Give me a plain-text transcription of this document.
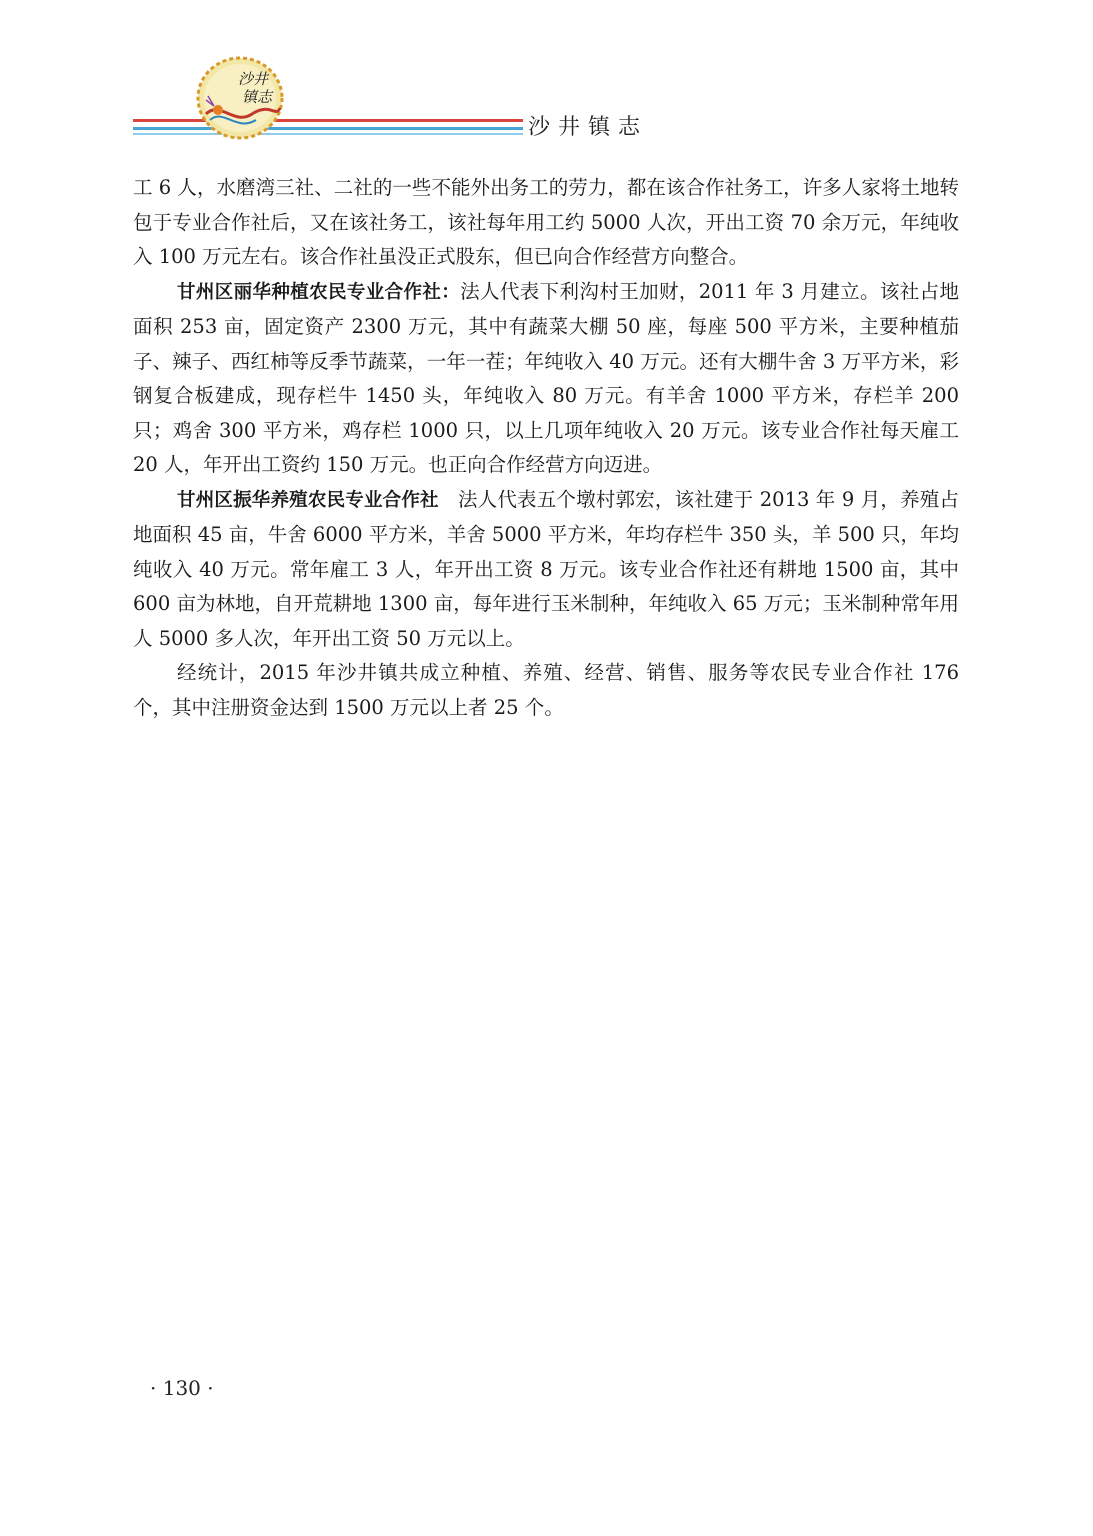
沙井
镇志
沙井镇志

工 6 人，水磨湾三社、二社的一些不能外出务工的劳力，都在该合作社务工，许多人家将土地转包于专业合作社后，又在该社务工，该社每年用工约 5000 人次，开出工资 70 余万元，年纯收入 100 万元左右。该合作社虽没正式股东，但已向合作经营方向整合。

甘州区丽华种植农民专业合作社：法人代表下利沟村王加财，2011 年 3 月建立。该社占地面积 253 亩，固定资产 2300 万元，其中有蔬菜大棚 50 座，每座 500 平方米，主要种植茄子、辣子、西红柿等反季节蔬菜，一年一茬；年纯收入 40 万元。还有大棚牛舍 3 万平方米，彩钢复合板建成，现存栏牛 1450 头，年纯收入 80 万元。有羊舍 1000 平方米，存栏羊 200 只；鸡舍 300 平方米，鸡存栏 1000 只，以上几项年纯收入 20 万元。该专业合作社每天雇工 20 人，年开出工资约 150 万元。也正向合作经营方向迈进。

甘州区振华养殖农民专业合作社 法人代表五个墩村郭宏，该社建于 2013 年 9 月，养殖占地面积 45 亩，牛舍 6000 平方米，羊舍 5000 平方米，年均存栏牛 350 头，羊 500 只，年均纯收入 40 万元。常年雇工 3 人，年开出工资 8 万元。该专业合作社还有耕地 1500 亩，其中 600 亩为林地，自开荒耕地 1300 亩，每年进行玉米制种，年纯收入 65 万元；玉米制种常年用人 5000 多人次，年开出工资 50 万元以上。

经统计，2015 年沙井镇共成立种植、养殖、经营、销售、服务等农民专业合作社 176 个，其中注册资金达到 1500 万元以上者 25 个。

· 130 ·
